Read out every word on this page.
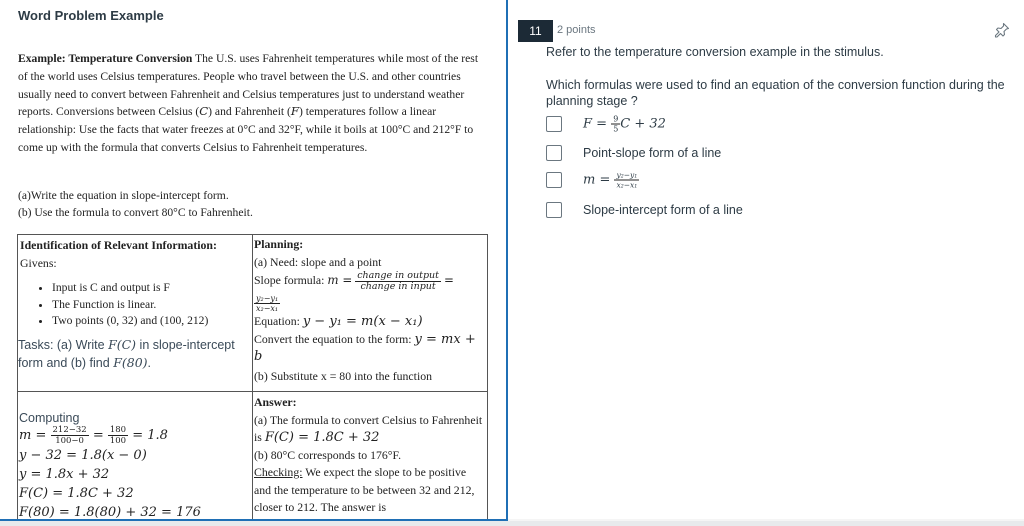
Word Problem Example
Example: Temperature Conversion The U.S. uses Fahrenheit temperatures while most of the rest of the world uses Celsius temperatures. People who travel between the U.S. and other countries usually need to convert between Fahrenheit and Celsius temperatures just to understand weather reports. Conversions between Celsius (C) and Fahrenheit (F) temperatures follow a linear relationship: Use the facts that water freezes at 0°C and 32°F, while it boils at 100°C and 212°F to come up with the formula that converts Celsius to Fahrenheit temperatures.
(a)Write the equation in slope-intercept form.
(b) Use the formula to convert 80°C to Fahrenheit.
Identification of Relevant Information:
Givens:
• Input is C and output is F
• The Function is linear.
• Two points (0, 32) and (100, 212)
Tasks: (a) Write F(C) in slope-intercept form and (b) find F(80).
Planning:
(a) Need: slope and a point
Slope formula: $m = \frac{\text{change in output}}{\text{change in input}}$ =
$\frac{\text{y₂−y₁}}{\text{x₂−x₁}}$
Equation: y − y₁ = m(x − x₁)
Convert the equation to the form: y = mx + b
(b) Substitute x = 80 into the function
Computing
$m = \frac{212-32}{100-0} = \frac{180}{100} = 1.8$
y − 32 = 1.8(x − 0)
y = 1.8x + 32
F(C) = 1.8C + 32
F(80) = 1.8(80) + 32 = 176
Answer:
(a) The formula to convert Celsius to Fahrenheit is F(C) = 1.8C + 32
(b) 80°C corresponds to 176°F.
Checking: We expect the slope to be positive and the temperature to be between 32 and 212, closer to 212. The answer is
11	2 points
Refer to the temperature conversion example in the stimulus.
Which formulas were used to find an equation of the conversion function during the planning stage ?
$F = \frac{9}{5}$ C + 32
Point-slope form of a line
$m = \frac{\text{y₂−y₁}}{\text{x₂−x₁}}$
Slope-intercept form of a line
